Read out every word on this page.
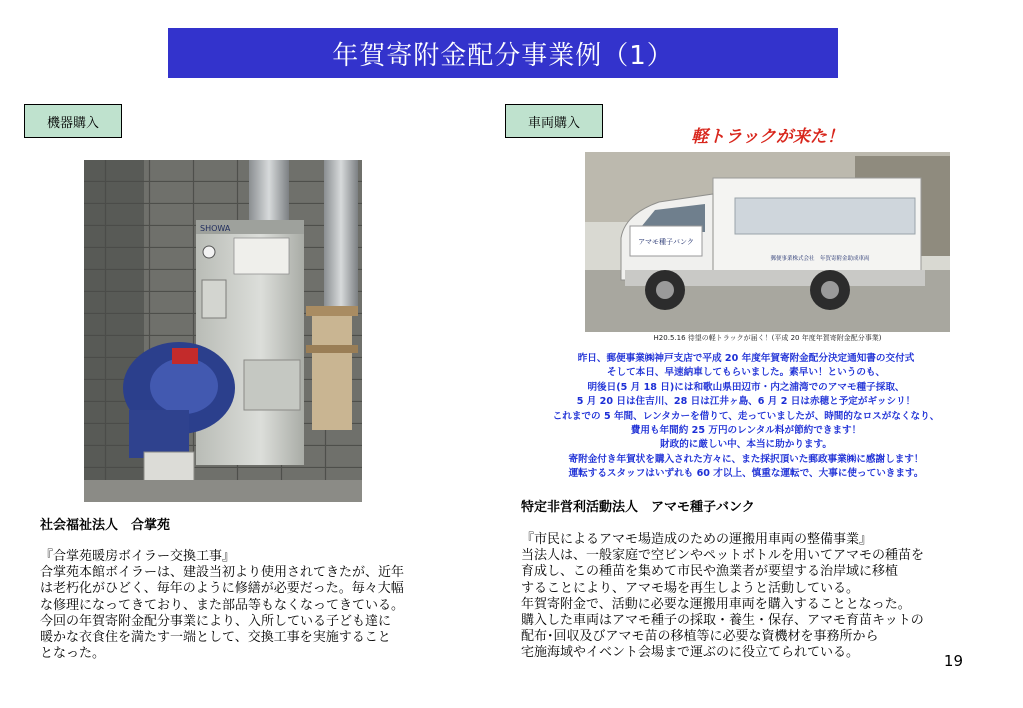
年賀寄附金配分事業例（1）
機器購入
SHOWA
社会福祉法人　合掌苑
『合掌苑暖房ボイラー交換工事』
合掌苑本館ボイラーは、建設当初より使用されてきたが、近年
は老朽化がひどく、毎年のように修繕が必要だった。毎々大幅
な修理になってきており、また部品等もなくなってきている。
今回の年賀寄附金配分事業により、入所している子ども達に
暖かな衣食住を満たす一端として、交換工事を実施すること
となった。
車両購入
軽トラックが来た！
アマモ種子バンク
郵便事業株式会社　年賀寄附金助成車両
H20.5.16 待望の軽トラックが届く！(平成 20 年度年賀寄附金配分事業)
昨日、郵便事業㈱神戸支店で平成 20 年度年賀寄附金配分決定通知書の交付式
そして本日、早速納車してもらいました。素早い！というのも、
明後日(5 月 18 日)には和歌山県田辺市・内之浦湾でのアマモ種子採取、
5 月 20 日は住吉川、28 日は江井ヶ島、6 月 2 日は赤穂と予定がギッシリ！
これまでの 5 年間、レンタカーを借りて、走っていましたが、時間的なロスがなくなり、
費用も年間約 25 万円のレンタル料が節約できます！
財政的に厳しい中、本当に助かります。
寄附金付き年賀状を購入された方々に、また採択頂いた郵政事業㈱に感謝します！
運転するスタッフはいずれも 60 才以上、慎重な運転で、大事に使っていきます。
特定非営利活動法人　アマモ種子バンク
『市民によるアマモ場造成のための運搬用車両の整備事業』
当法人は、一般家庭で空ビンやペットボトルを用いてアマモの種苗を
育成し、この種苗を集めて市民や漁業者が要望する治岸域に移植
することにより、アマモ場を再生しようと活動している。
年賀寄附金で、活動に必要な運搬用車両を購入することとなった。
購入した車両はアマモ種子の採取・養生・保存、アマモ育苗キットの
配布･回収及びアマモ苗の移植等に必要な資機材を事務所から
宅施海域やイベント会場まで運ぶのに役立てられている。	19
